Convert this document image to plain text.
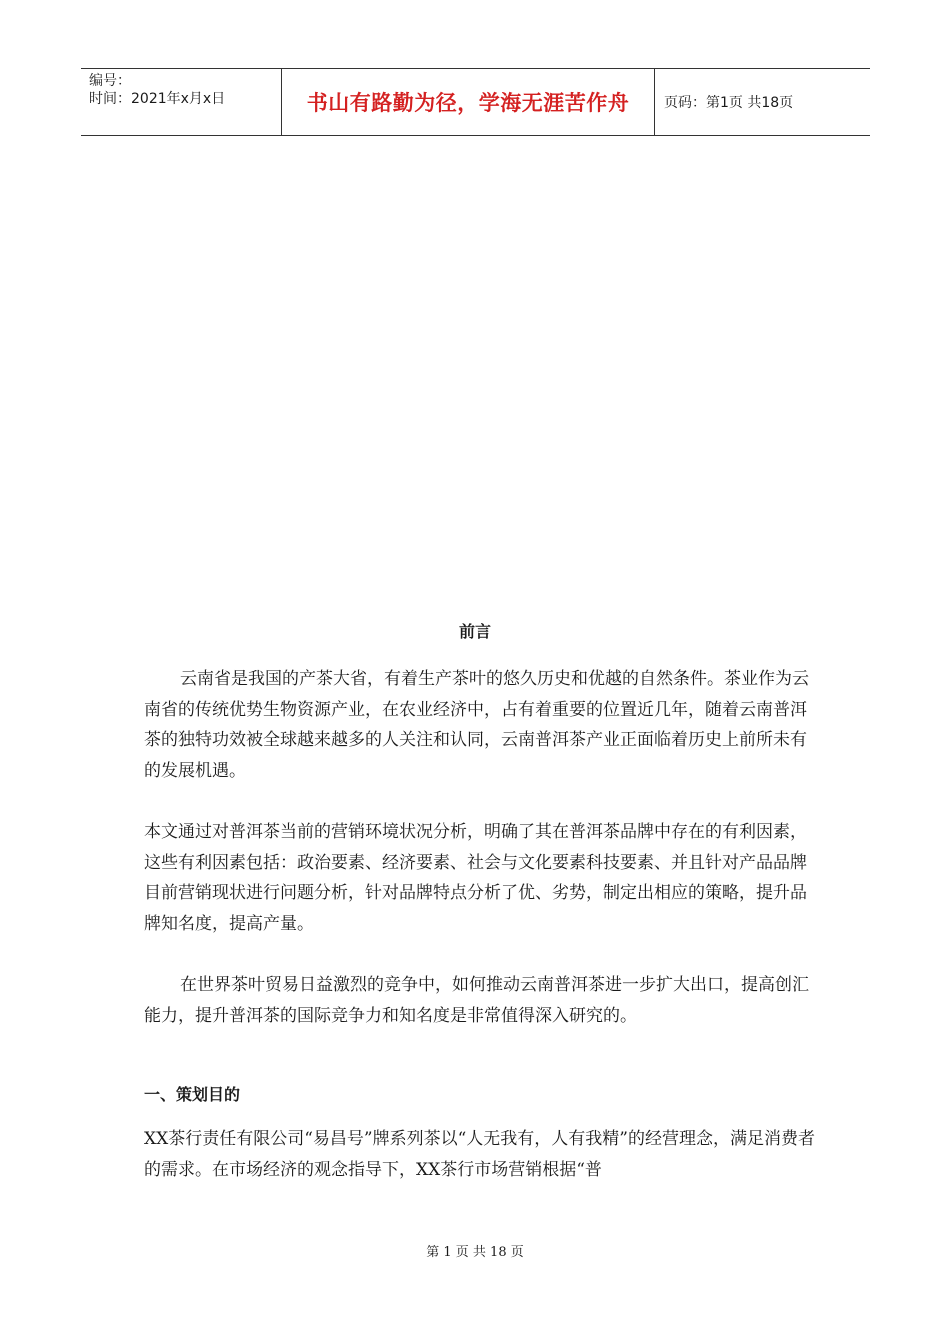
编号：
时间：2021年x月x日	书山有路勤为径，学海无涯苦作舟	页码：第1页 共18页
前言

云南省是我国的产茶大省，有着生产茶叶的悠久历史和优越的自然条件。茶业作为云南省的传统优势生物资源产业，在农业经济中，占有着重要的位置近几年，随着云南普洱茶的独特功效被全球越来越多的人关注和认同，云南普洱茶产业正面临着历史上前所未有的发展机遇。

本文通过对普洱茶当前的营销环境状况分析，明确了其在普洱茶品牌中存在的有利因素，这些有利因素包括：政治要素、经济要素、社会与文化要素科技要素、并且针对产品品牌目前营销现状进行问题分析，针对品牌特点分析了优、劣势，制定出相应的策略，提升品牌知名度，提高产量。

在世界茶叶贸易日益激烈的竞争中，如何推动云南普洱茶进一步扩大出口，提高创汇能力，提升普洱茶的国际竞争力和知名度是非常值得深入研究的。

一、策划目的

XX茶行责任有限公司“易昌号”牌系列茶以“人无我有，人有我精”的经营理念，满足消费者的需求。在市场经济的观念指导下，XX茶行市场营销根据“普

第 1 页 共 18 页
